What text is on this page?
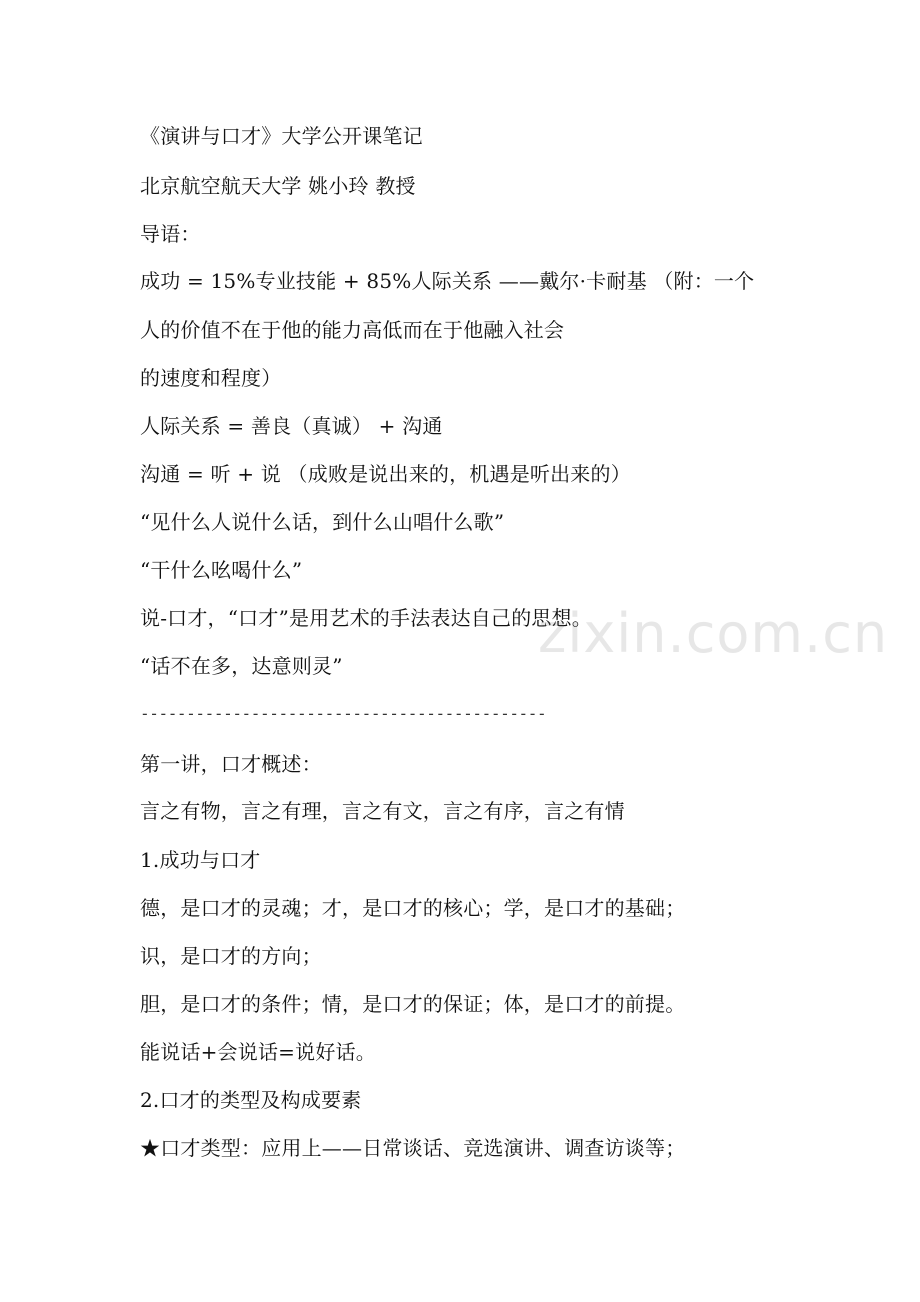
《演讲与口才》大学公开课笔记
北京航空航天大学 姚小玲 教授
导语：
成功 = 15%专业技能 + 85%人际关系 ——戴尔·卡耐基 （附：一个
人的价值不在于他的能力高低而在于他融入社会
的速度和程度）
人际关系 = 善良（真诚） + 沟通
沟通 = 听 + 说 （成败是说出来的，机遇是听出来的）
“见什么人说什么话，到什么山唱什么歌”
“干什么吆喝什么”
说-口才，“口才”是用艺术的手法表达自己的思想。
“话不在多，达意则灵”
--------------------------------------------
第一讲，口才概述：
言之有物，言之有理，言之有文，言之有序，言之有情
1.成功与口才
德，是口才的灵魂；才，是口才的核心；学，是口才的基础；
识，是口才的方向；
胆，是口才的条件；情，是口才的保证；体，是口才的前提。
能说话+会说话=说好话。
2.口才的类型及构成要素
★口才类型：应用上——日常谈话、竞选演讲、调查访谈等；
zixin.com.cn
